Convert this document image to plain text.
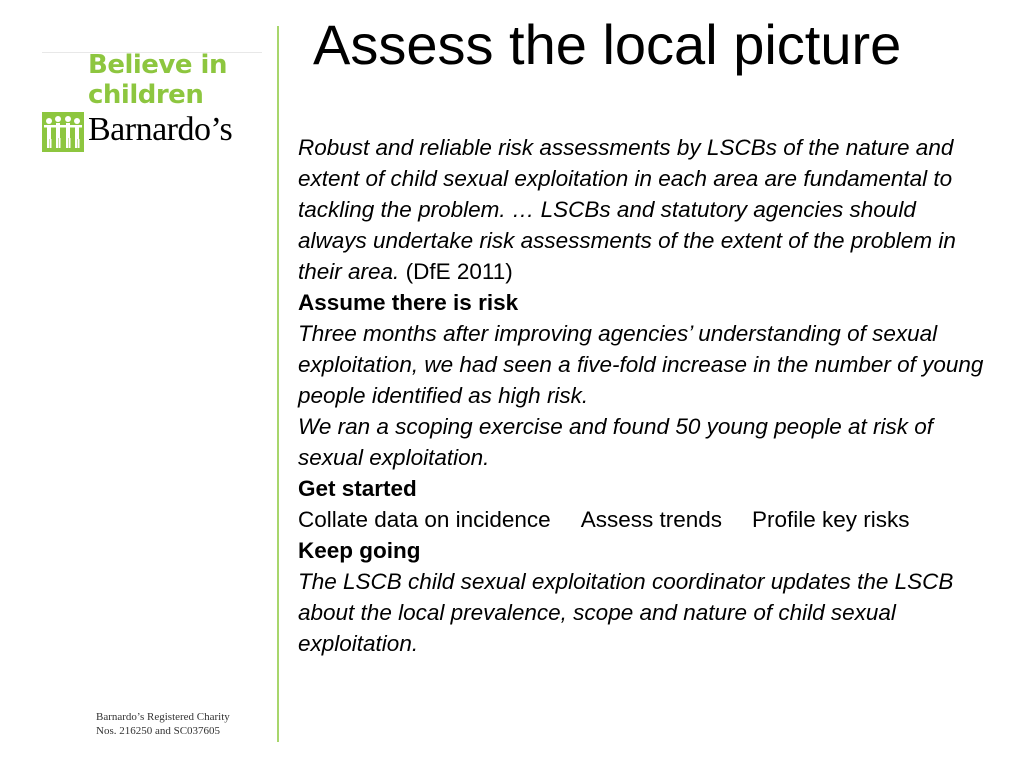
Believe in
children
Barnardo’s
Barnardo’s Registered Charity
Nos. 216250 and SC037605
Assess the local picture

Robust and reliable risk assessments by LSCBs of the nature and extent of child sexual exploitation in each area are fundamental to tackling the problem. … LSCBs and statutory agencies should always undertake risk assessments of the extent of the problem in their area. (DfE 2011)

Assume there is risk
Three months after improving agencies’ understanding of sexual exploitation, we had seen a five-fold increase in the number of young people identified as high risk.
We ran a scoping exercise and found 50 young people at risk of sexual exploitation.

Get started
Collate data on incidence Assess trends Profile key risks

Keep going
The LSCB child sexual exploitation coordinator updates the LSCB about the local prevalence, scope and nature of child sexual exploitation.
